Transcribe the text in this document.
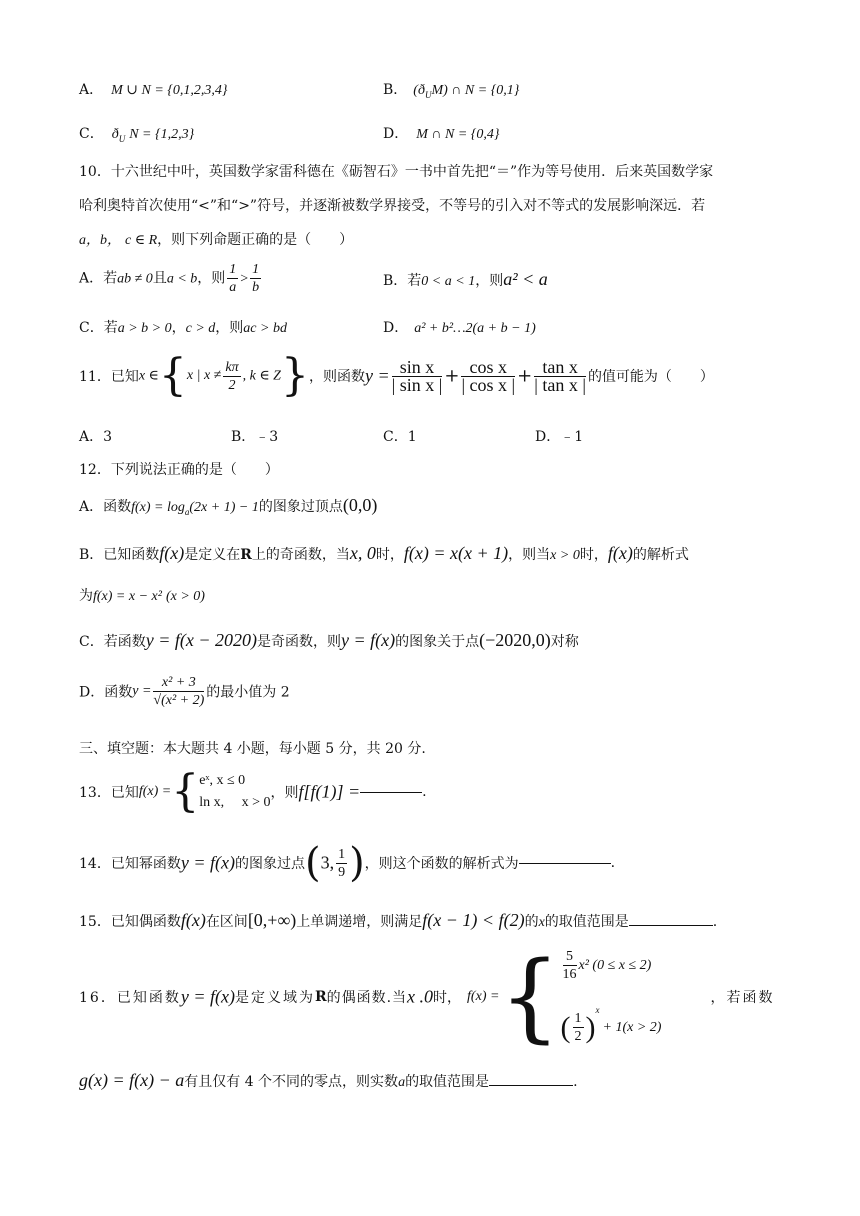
A． M ∪ N = {0,1,2,3,4}	B． $(ð_UM)$ ∩ N = {0,1}
C． $ð_U$ N = {1,2,3}	D． M ∩ N = {0,4}
10．十六世纪中叶，英国数学家雷科德在《砺智石》一书中首先把“＝”作为等号使用．后来英国数学家
哈利奥特首次使用“<”和“>”符号，并逐渐被数学界接受，不等号的引入对不等式的发展影响深远．若
a，b， c ∈ R，则下列命题正确的是（　　）
A．若ab ≠ 0且a < b，则 $\frac{1}{a} > \frac{1}{b}$	B．若0 < a < 1，则a² < a
C．若a > b > 0，c > d，则ac > bd	D． a² + b²…2(a + b − 1)
11．已知x ∈{x | $x \ne \frac{k\pi}{2}$ , k ∈ Z}，则函数$y = \frac{\text{sin x}}{\text{| sin x |}} + \frac{\text{cos x}}{\text{| cos x |}} + \frac{\text{tan x}}{\text{| tan x |}}$ 的值可能为（　　）
A．3	B．﹣3	C．1	D．﹣1
12．下列说法正确的是（　　）
A．函数$f(x) = \log_a(2x + 1) - 1$的图象过顶点(0,0)
B．已知函数f(x)是定义在R上的奇函数，当x, 0时，f(x) = x(x + 1)，则当x > 0时，f(x)的解析式
为f(x) = x − x² (x > 0)
C．若函数y = f(x − 2020)是奇函数，则y = f(x)的图象关于点(−2020,0)对称
D．函数$y = \frac{\text{x² + 3}}{\text{√(x² + 2)}}$ 的最小值为 2
三、填空题：本大题共 4 小题，每小题 5 分，共 20 分.
13．已知f(x) ={ eˣ, x ≤ 0
ln x,　 x > 0
，则f[f(1)] =	.
14．已知幂函数y = f(x)的图象过点(3, $\frac{1}{9}$ )，则这个函数的解析式为	.
15．已知偶函数f(x)在区间[0,+∞)上单调递增，则满足f(x − 1) < f(2)的x的取值范围是	.
16．已知函数y = f(x)是定义域为R的偶函数.当x .0时， f(x) ={ $\frac{5}{16} x^2$ (0 ≤ x ≤ 2)
( $\frac{1}{2} )^x+ 1(x > 2)$
，若函数
g(x) = f(x) − a有且仅有 4 个不同的零点，则实数a的取值范围是	.
